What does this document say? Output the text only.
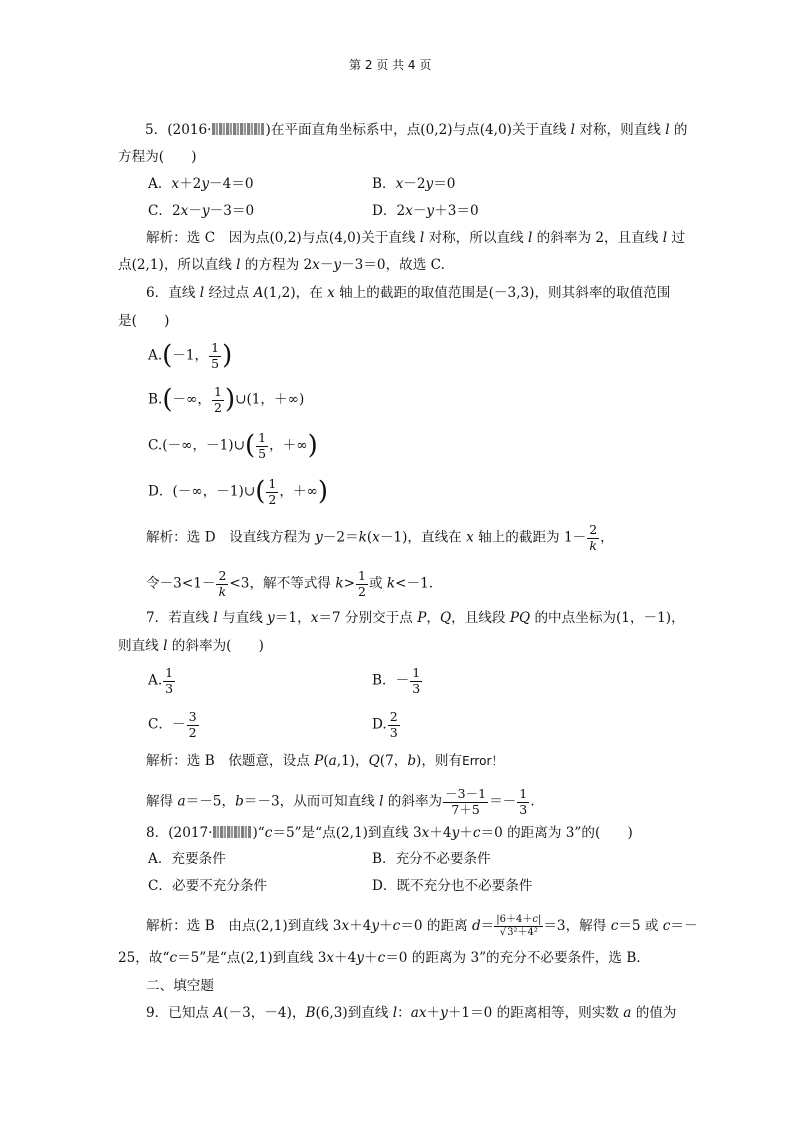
第 2 页 共 4 页
5．(2016·	)在平面直角坐标系中，点(0,2)与点(4,0)关于直线 l 对称，则直线 l 的
方程为(　　)
A．x＋2y－4＝0	B．x－2y＝0
C．2x－y－3＝0	D．2x－y＋3＝0
解析：选 C　因为点(0,2)与点(4,0)关于直线 l 对称，所以直线 l 的斜率为 2，且直线 l 过
点(2,1)，所以直线 l 的方程为 2x－y－3＝0，故选 C.
6．直线 l 经过点 A(1,2)，在 x 轴上的截距的取值范围是(－3,3)，则其斜率的取值范围
是(　　)
A.(－1， $\frac{1}{5}$ )
B.(－∞， $\frac{1}{2}$ )∪(1，＋∞)
C.(－∞，－1)∪( $\frac{1}{5}$ ，＋∞)
D．(－∞，－1)∪( $\frac{1}{2}$ ，＋∞)
解析：选 D　设直线方程为 y－2＝k(x－1)，直线在 x 轴上的截距为 $1- \frac{2}{k}$ ，
令$-3<1- \frac{2}{k} <3$，解不等式得 $k> \frac{1}{2}$ 或 k<－1.
7．若直线 l 与直线 y＝1，x＝7 分别交于点 P，Q，且线段 PQ 的中点坐标为(1，－1)，
则直线 l 的斜率为(　　)
A. $\frac{1}{3}$	B．－ $\frac{1}{3}$
C．－ $\frac{3}{2}$	D. $\frac{2}{3}$
解析：选 B　依题意，设点 P(a,1)，Q(7，b)，则有Error！
解得 a＝－5，b＝－3，从而可知直线 l 的斜率为 $\frac{-3-1}{7+5} =- \frac{1}{3}$ .
8．(2017·	)“c＝5”是“点(2,1)到直线 3x＋4y＋c＝0 的距离为 3”的(　　)
A．充要条件	B．充分不必要条件
C．必要不充分条件	D．既不充分也不必要条件
解析：选 B　由点(2,1)到直线 3x＋4y＋c＝0 的距离 $d= \frac{|6+4+c|}{\text{√3²＋4²}} =3$，解得 c＝5 或 c＝－
25，故“c＝5”是“点(2,1)到直线 3x＋4y＋c＝0 的距离为 3”的充分不必要条件，选 B.
二、填空题
9．已知点 A(－3，－4)，B(6,3)到直线 l：ax＋y＋1＝0 的距离相等，则实数 a 的值为
